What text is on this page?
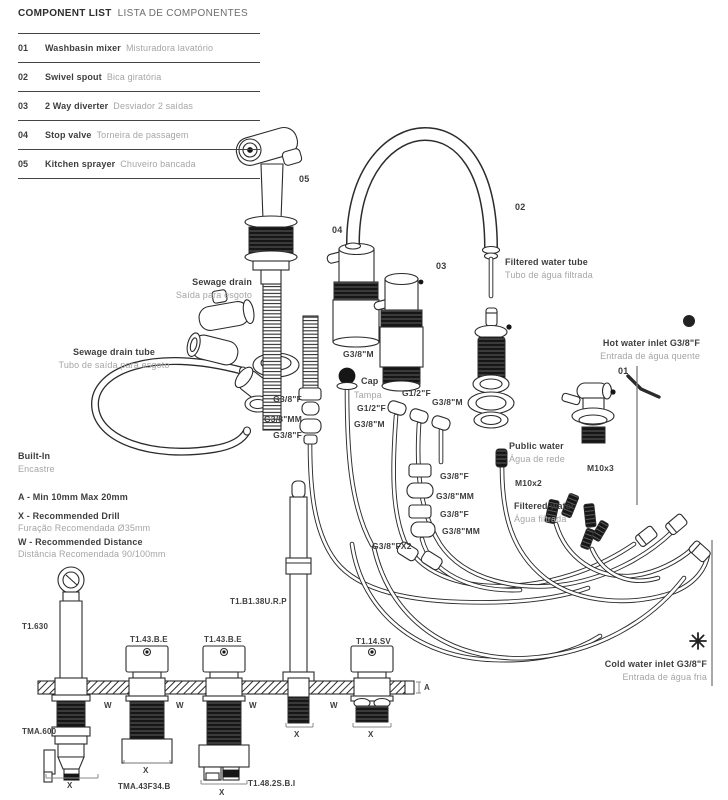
COMPONENT LIST LISTA DE COMPONENTES
01	Washbasin mixer Misturadora lavatório
02	Swivel spout Bica giratória
03	2 Way diverter Desviador 2 saídas
04	Stop valve Torneira de passagem
05	Kitchen sprayer Chuveiro bancada
05
04
03
02
01
Sewage drain
Saída para esgoto
Sewage drain tube
Tubo de saída para esgoto
Filtered water tube
Tubo de água filtrada
Hot water inlet G3/8"F
Entrada de água quente
Cold water inlet G3/8"F
Entrada de água fria
Public water
Água de rede
Filtered water
Água filtrada
Cap
Tampa
Built-In
Encastre
A - Min 10mm Max 20mm
X - Recommended Drill
Furação Recomendada Ø35mm
W - Recommended Distance
Distância Recomendada 90/100mm
G3/8"M
G1/2"F
G3/8"M
G1/2"F
G3/8"M
G3/8"F
G3/8"MM
G3/8"F
G3/8"F
G3/8"MM
G3/8"F
G3/8"MM
G3/8"FX2
M10x2
M10x3
T1.630
TMA.600
T1.43.B.E	T1.43.B.E
TMA.43F34.B	T1.48.2S.B.I
T1.B1.38U.R.P
T1.14.SV
W	W	W	W
X
X
X
X	X
A
